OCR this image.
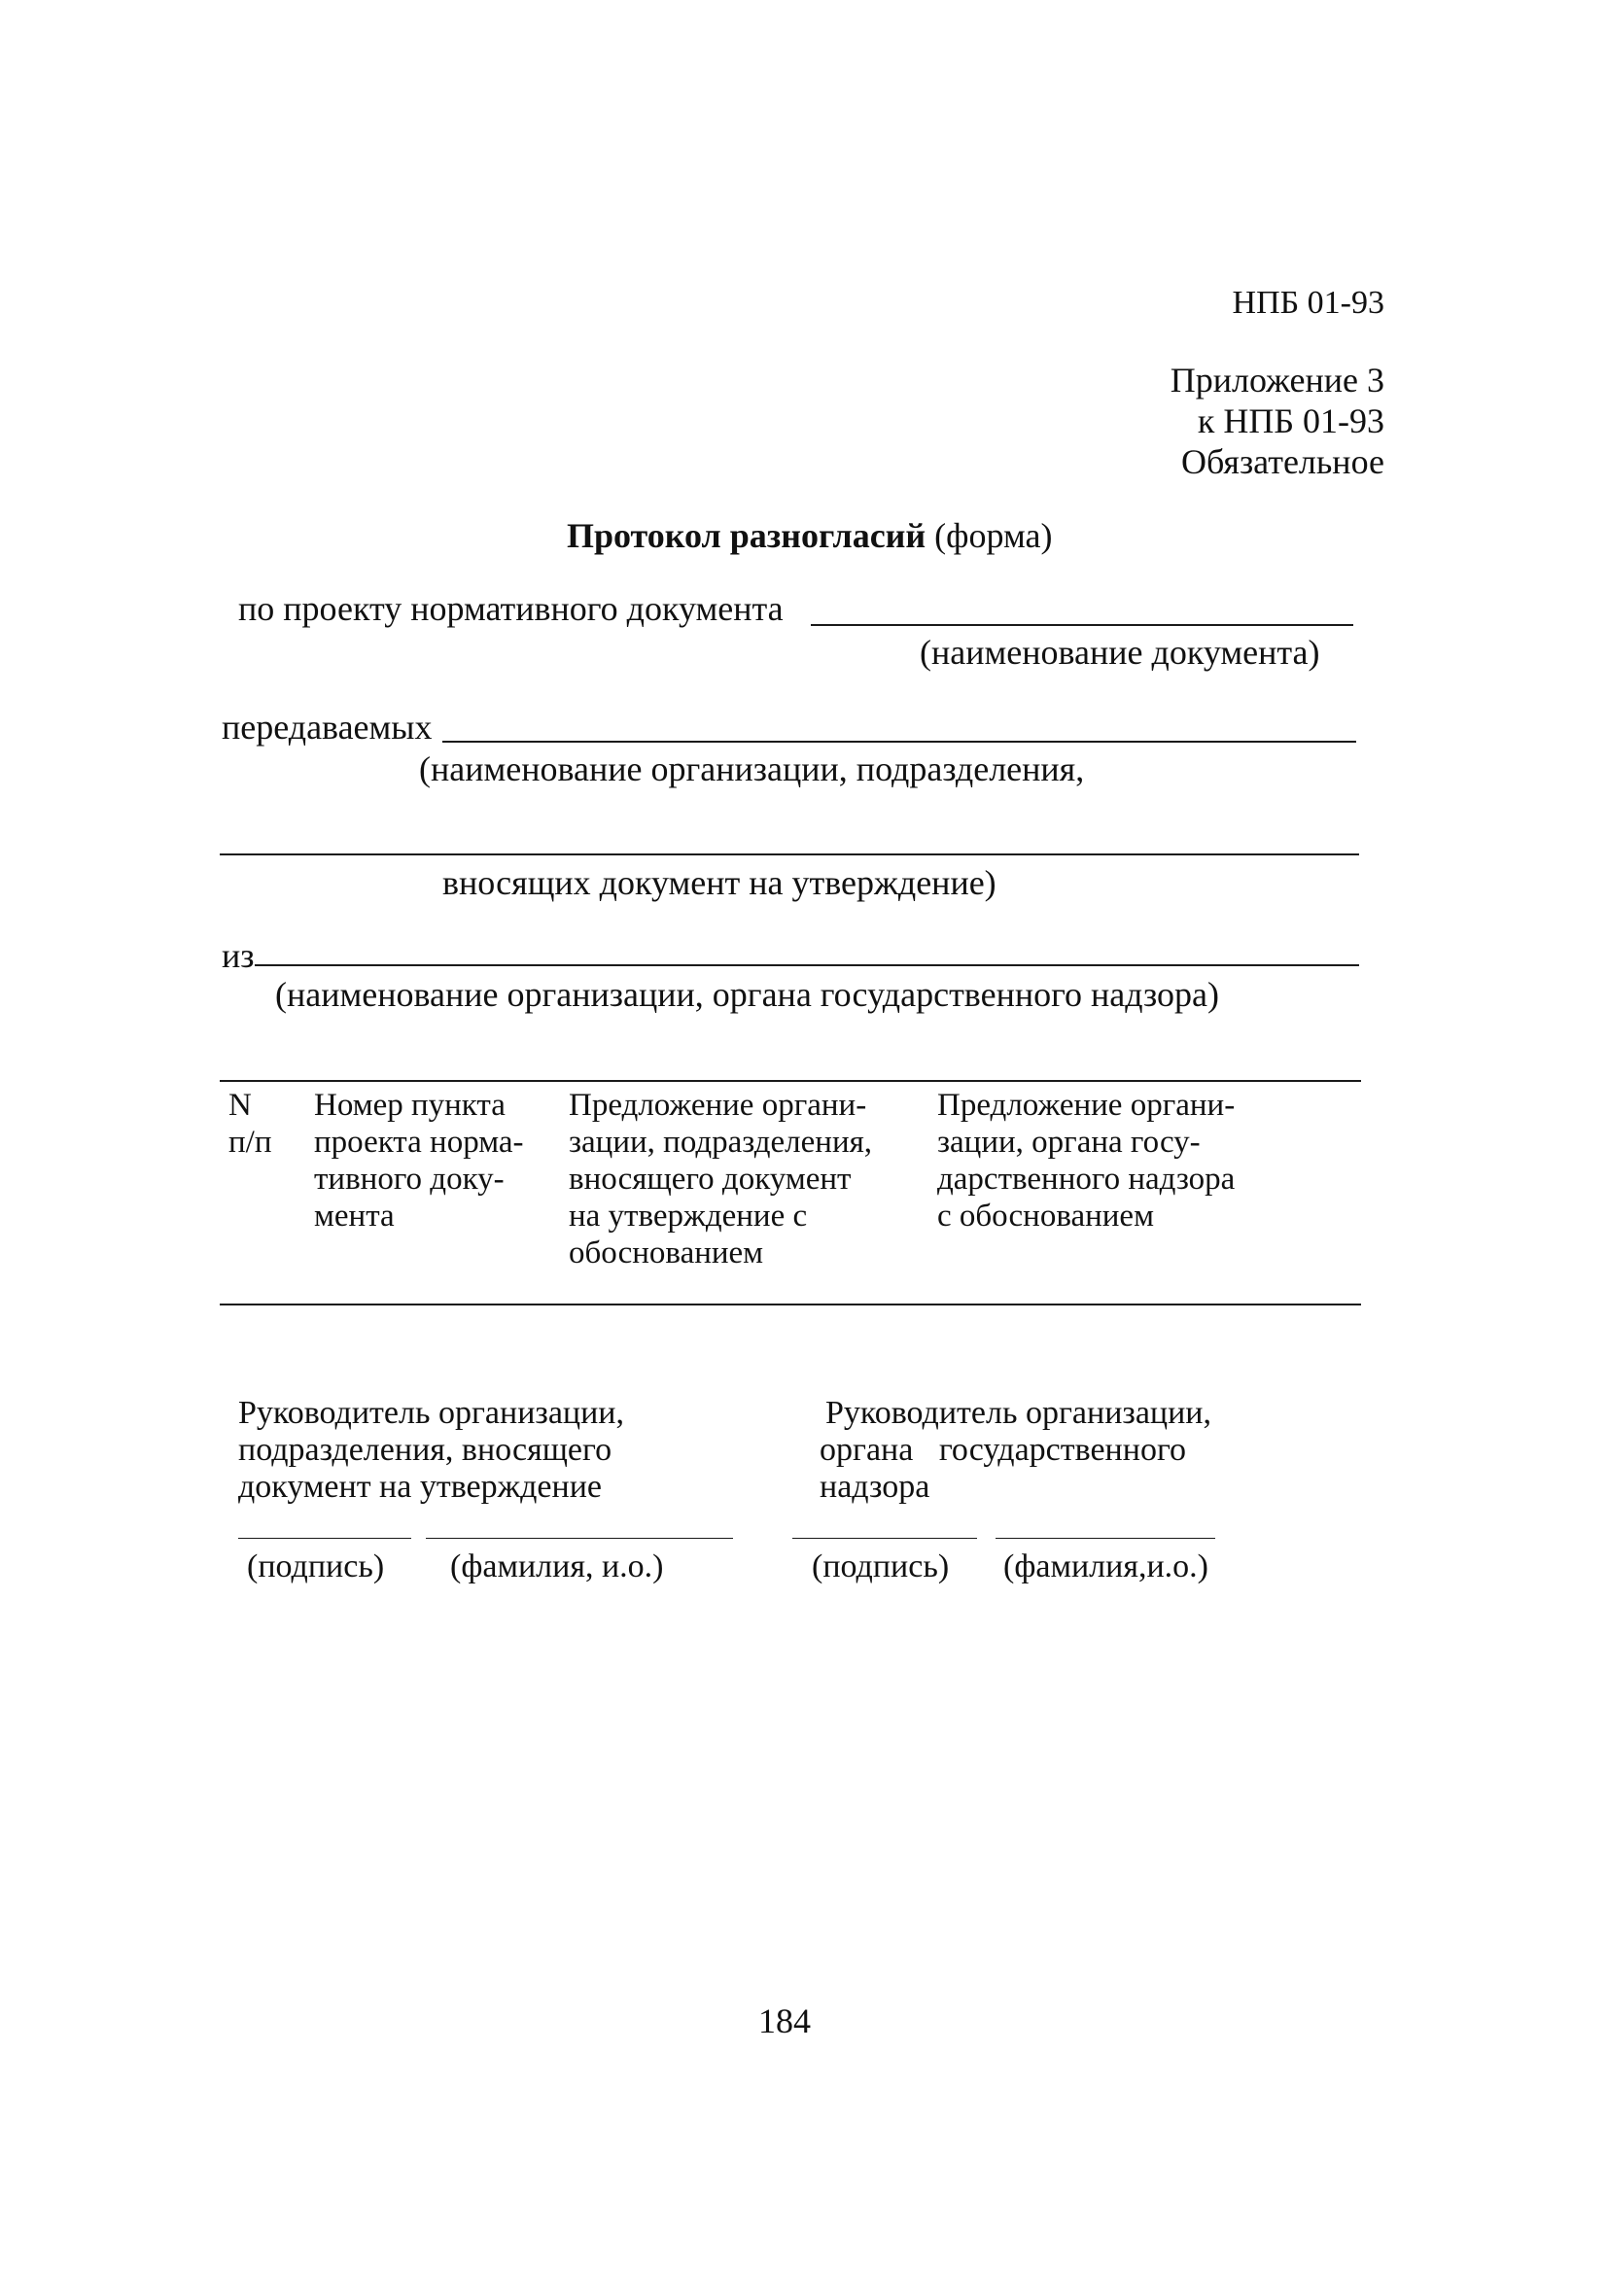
НПБ 01-93
Приложение 3
к НПБ 01-93
Обязательное
Протокол разногласий (форма)
по проекту нормативного документа
(наименование документа)
передаваемых
(наименование организации, подразделения,
вносящих документ на утверждение)
из
(наименование организации, органа государственного надзора)
N
п/п
Номер пункта
проекта норма-
тивного доку-
мента
Предложение органи-
зации, подразделения,
вносящего документ
на утверждение с
обоснованием
Предложение органи-
зации, органа госу-
дарственного надзора
с обоснованием
Руководитель организации,
подразделения, вносящего
документ на утверждение
(подпись) (фамилия, и.о.)
Руководитель организации,
органа государственного
надзора
(подпись) (фамилия,и.о.)
184
